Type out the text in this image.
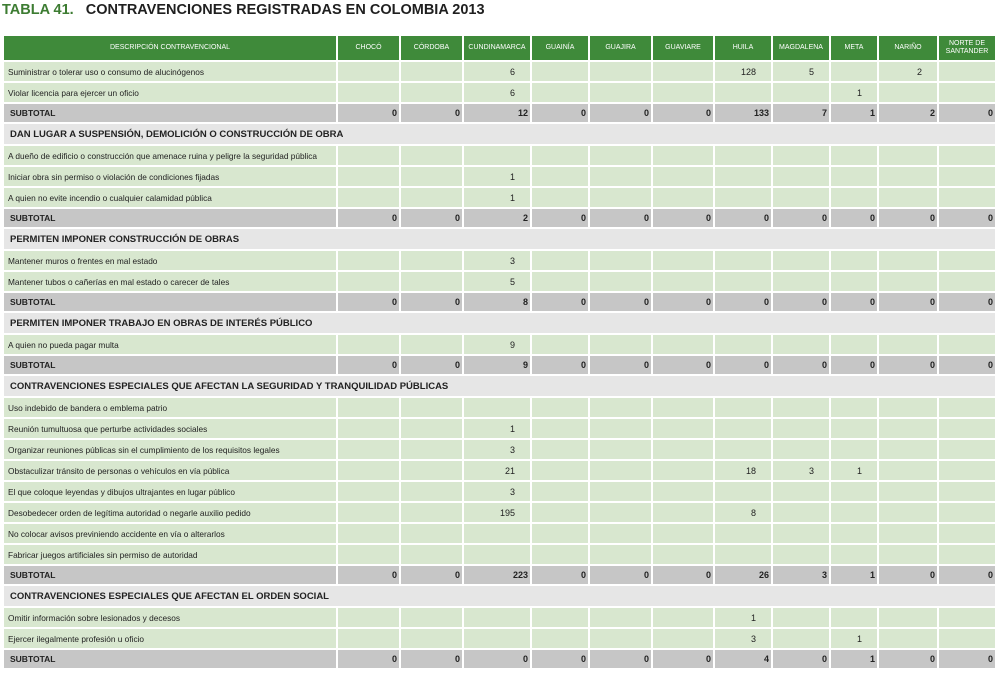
TABLA 41. CONTRAVENCIONES REGISTRADAS EN COLOMBIA 2013
DESCRIPCIÓN CONTRAVENCIONAL	CHOCÓ	CÓRDOBA	CUNDINAMARCA	GUAINÍA	GUAJIRA	GUAVIARE	HUILA	MAGDALENA	META	NARIÑO	NORTE DE SANTANDER
Suministrar o tolerar uso o consumo de alucinógenos			6				128	5		2	
Violar licencia para ejercer un oficio			6						1		
SUBTOTAL	0	0	12	0	0	0	133	7	1	2	0
DAN LUGAR A SUSPENSIÓN, DEMOLICIÓN O CONSTRUCCIÓN DE OBRA											
A dueño de edificio o construcción que amenace ruina y peligre la seguridad pública											
Iniciar obra sin permiso o violación de condiciones fijadas			1								
A quien no evite incendio o cualquier calamidad pública			1								
SUBTOTAL	0	0	2	0	0	0	0	0	0	0	0
PERMITEN IMPONER CONSTRUCCIÓN DE OBRAS											
Mantener muros o frentes en mal estado			3								
Mantener tubos o cañerías en mal estado o carecer de tales			5								
SUBTOTAL	0	0	8	0	0	0	0	0	0	0	0
PERMITEN IMPONER TRABAJO EN OBRAS DE INTERÉS PÚBLICO											
A quien no pueda pagar multa			9								
SUBTOTAL	0	0	9	0	0	0	0	0	0	0	0
CONTRAVENCIONES ESPECIALES QUE AFECTAN LA SEGURIDAD Y TRANQUILIDAD PÚBLICAS											
Uso indebido de bandera o emblema patrio											
Reunión tumultuosa que perturbe actividades sociales			1								
Organizar reuniones públicas sin el cumplimiento de los requisitos legales			3								
Obstaculizar tránsito de personas o vehículos en vía pública			21				18	3	1		
El que coloque leyendas y dibujos ultrajantes en lugar público			3								
Desobedecer orden de legítima autoridad o negarle auxilio pedido			195				8				
No colocar avisos previniendo accidente en vía o alterarlos											
Fabricar juegos artificiales sin permiso de autoridad											
SUBTOTAL	0	0	223	0	0	0	26	3	1	0	0
CONTRAVENCIONES ESPECIALES QUE AFECTAN EL ORDEN SOCIAL											
Omitir información sobre lesionados y decesos							1				
Ejercer ilegalmente profesión u oficio							3		1		
SUBTOTAL	0	0	0	0	0	0	4	0	1	0	0
